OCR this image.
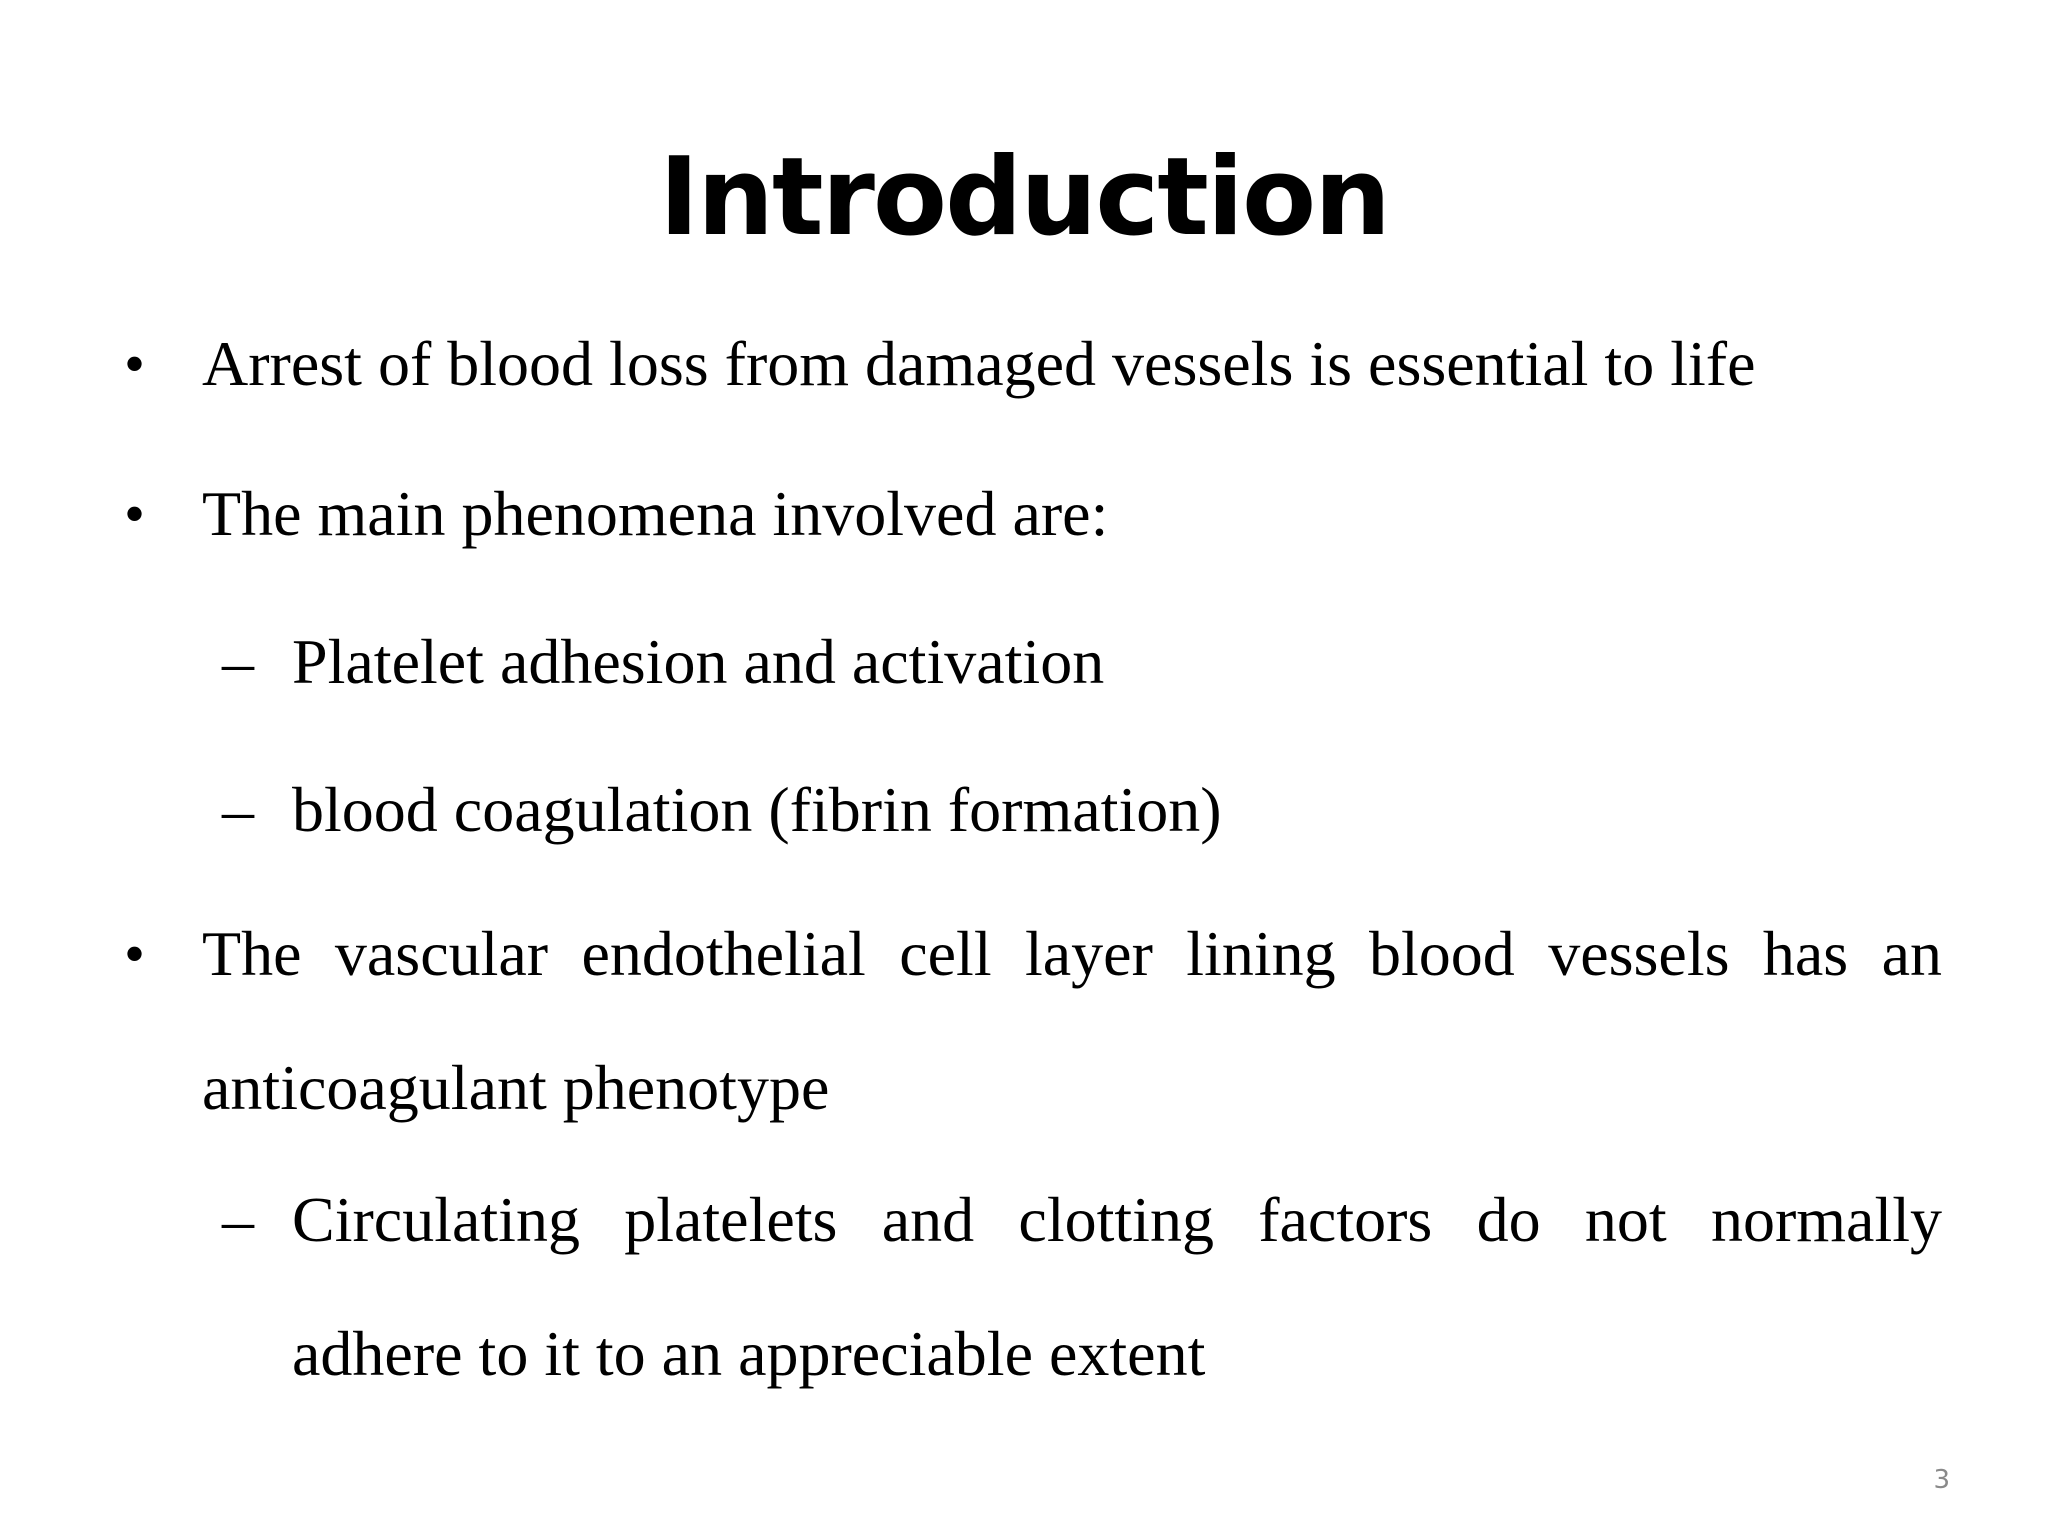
Introduction
• Arrest of blood loss from damaged vessels is essential to life
• The main phenomena involved are:
– Platelet adhesion and activation
– blood coagulation (fibrin formation)
• The vascular endothelial cell layer lining blood vessels has an
anticoagulant phenotype
– Circulating platelets and clotting factors do not normally
adhere to it to an appreciable extent
3
